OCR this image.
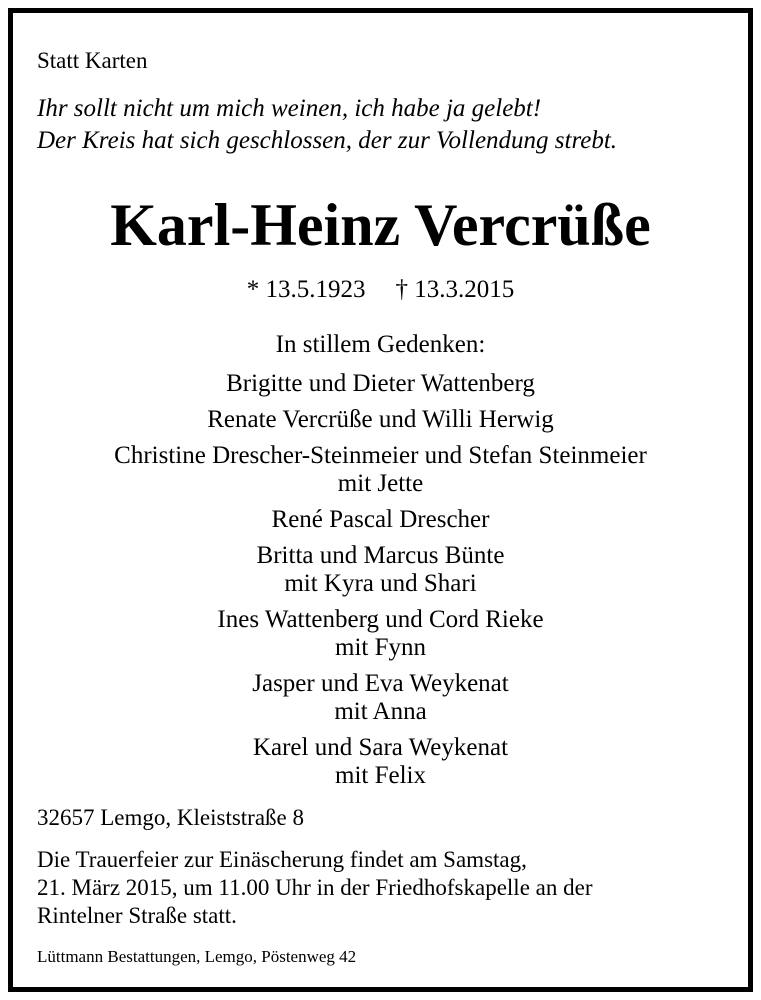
Statt Karten
Ihr sollt nicht um mich weinen, ich habe ja gelebt!
Der Kreis hat sich geschlossen, der zur Vollendung strebt.
Karl-Heinz Vercrüße
* 13.5.1923 † 13.3.2015
In stillem Gedenken:
Brigitte und Dieter Wattenberg
Renate Vercrüße und Willi Herwig
Christine Drescher-Steinmeier und Stefan Steinmeier
mit Jette
René Pascal Drescher
Britta und Marcus Bünte
mit Kyra und Shari
Ines Wattenberg und Cord Rieke
mit Fynn
Jasper und Eva Weykenat
mit Anna
Karel und Sara Weykenat
mit Felix
32657 Lemgo, Kleiststraße 8
Die Trauerfeier zur Einäscherung findet am Samstag,
21. März 2015, um 11.00 Uhr in der Friedhofskapelle an der
Rintelner Straße statt.
Lüttmann Bestattungen, Lemgo, Pöstenweg 42
